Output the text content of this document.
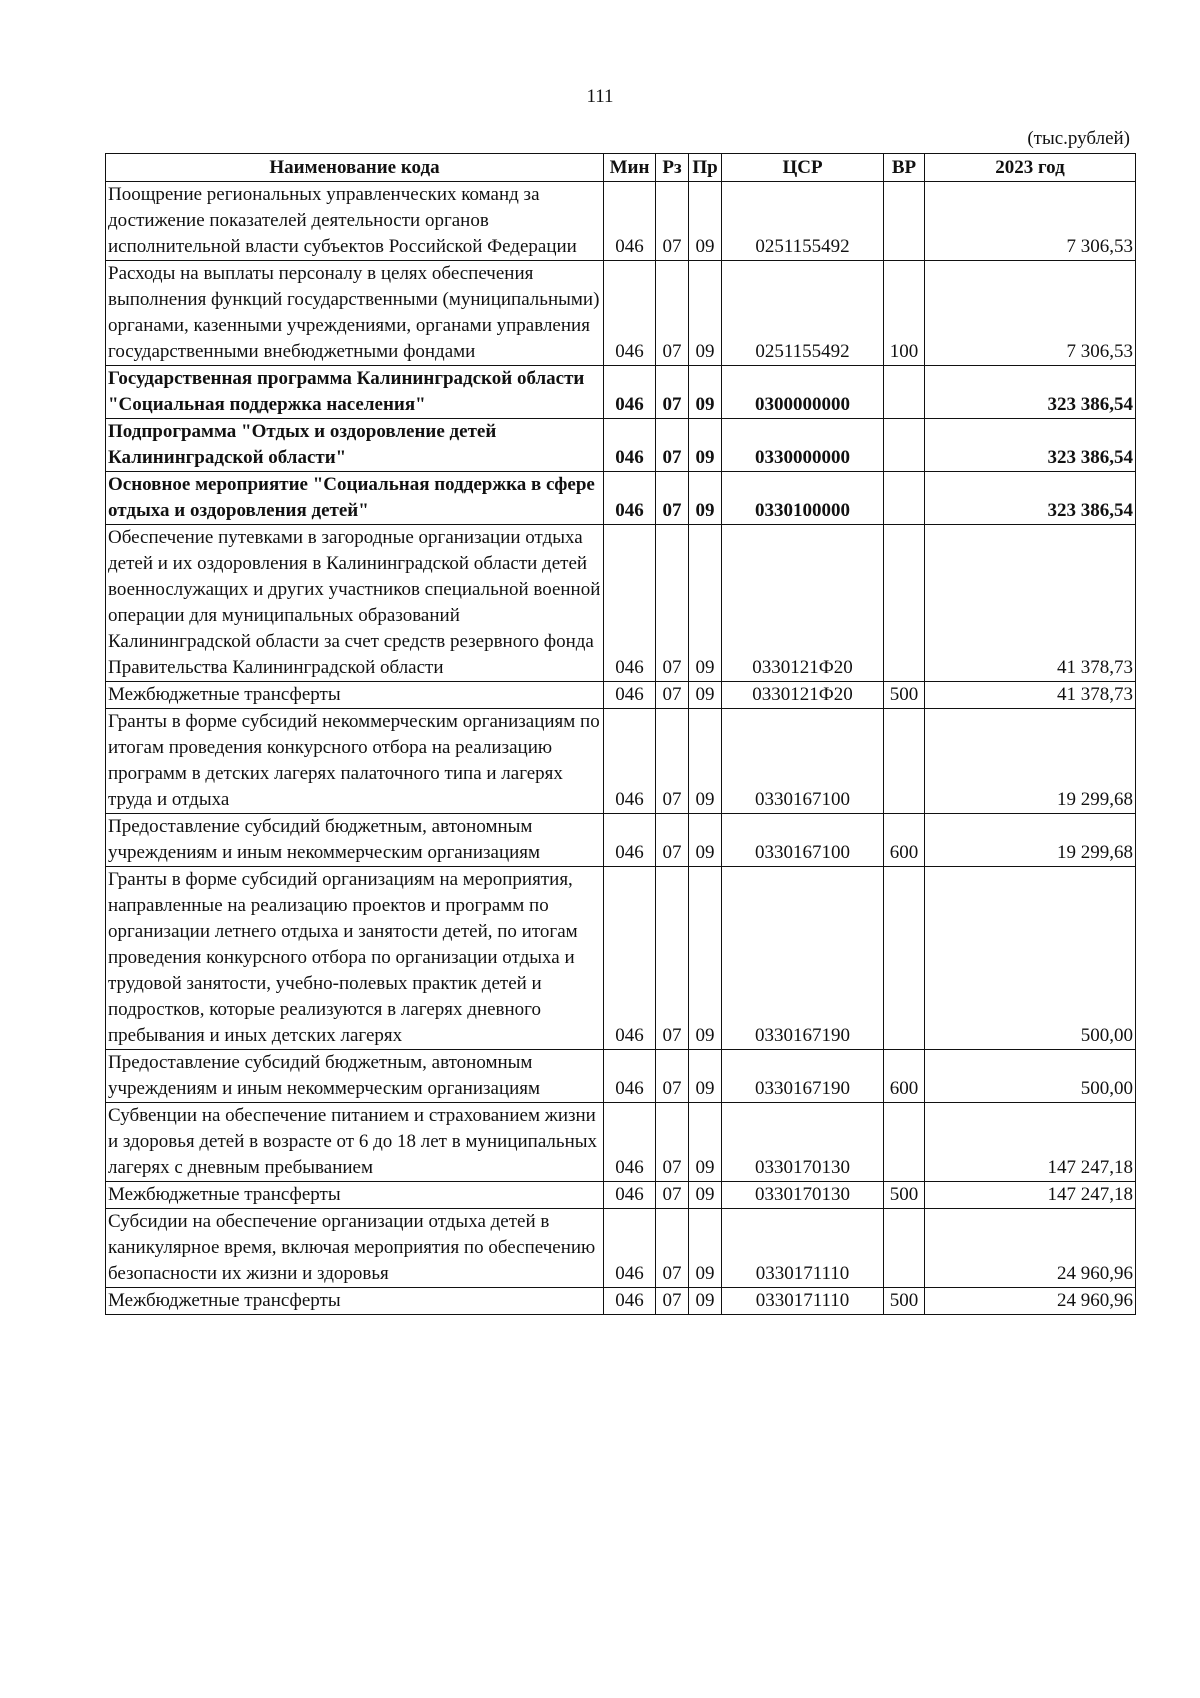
111
(тыс.рублей)
Наименование кода	Мин	Рз	Пр	ЦСР	ВР	2023 год
Поощрение региональных управленческих команд за достижение показателей деятельности органов исполнительной власти субъектов Российской Федерации	046	07	09	0251155492		7 306,53
Расходы на выплаты персоналу в целях обеспечения выполнения функций государственными (муниципальными) органами, казенными учреждениями, органами управления государственными внебюджетными фондами	046	07	09	0251155492	100	7 306,53
Государственная программа Калининградской области "Социальная поддержка населения"	046	07	09	0300000000		323 386,54
Подпрограмма "Отдых и оздоровление детей Калининградской области"	046	07	09	0330000000		323 386,54
Основное мероприятие "Социальная поддержка в сфере отдыха и оздоровления детей"	046	07	09	0330100000		323 386,54
Обеспечение путевками в загородные организации отдыха детей и их оздоровления в Калининградской области детей военнослужащих и других участников специальной военной операции для муниципальных образований Калининградской области за счет средств резервного фонда Правительства Калининградской области	046	07	09	0330121Ф20		41 378,73
Межбюджетные трансферты	046	07	09	0330121Ф20	500	41 378,73
Гранты в форме субсидий некоммерческим организациям по итогам проведения конкурсного отбора на реализацию программ в детских лагерях палаточного типа и лагерях труда и отдыха	046	07	09	0330167100		19 299,68
Предоставление субсидий бюджетным, автономным учреждениям и иным некоммерческим организациям	046	07	09	0330167100	600	19 299,68
Гранты в форме субсидий организациям на мероприятия, направленные на реализацию проектов и программ по организации летнего отдыха и занятости детей, по итогам проведения конкурсного отбора по организации отдыха и трудовой занятости, учебно-полевых практик детей и подростков, которые реализуются в лагерях дневного пребывания и иных детских лагерях	046	07	09	0330167190		500,00
Предоставление субсидий бюджетным, автономным учреждениям и иным некоммерческим организациям	046	07	09	0330167190	600	500,00
Субвенции на обеспечение питанием и страхованием жизни и здоровья детей в возрасте от 6 до 18 лет в муниципальных лагерях с дневным пребыванием	046	07	09	0330170130		147 247,18
Межбюджетные трансферты	046	07	09	0330170130	500	147 247,18
Субсидии на обеспечение организации отдыха детей в каникулярное время, включая мероприятия по обеспечению безопасности их жизни и здоровья	046	07	09	0330171110		24 960,96
Межбюджетные трансферты	046	07	09	0330171110	500	24 960,96
